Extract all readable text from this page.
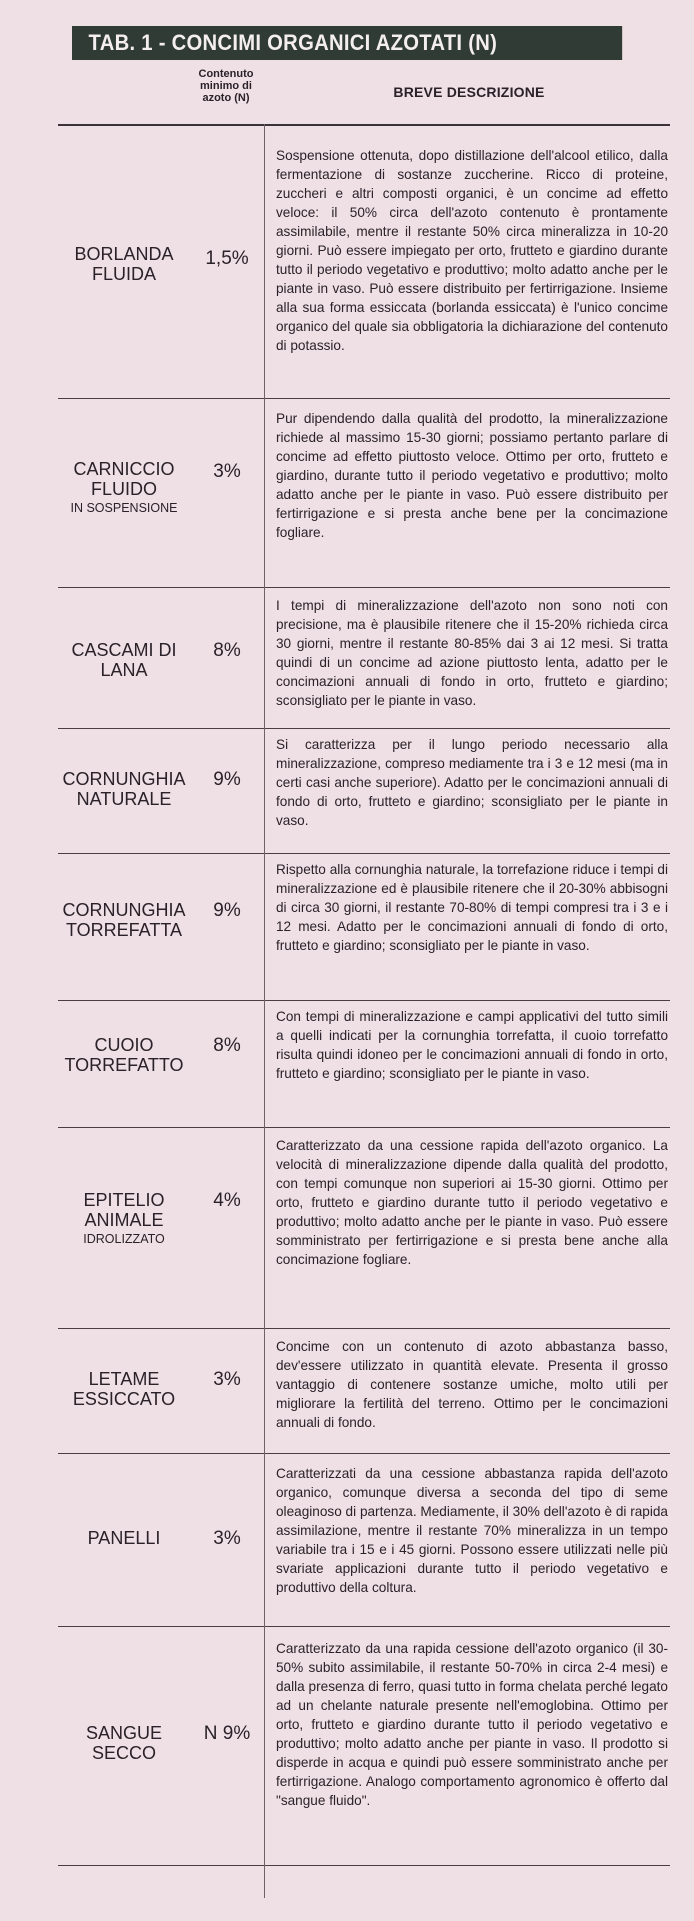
TAB. 1 - CONCIMI ORGANICI AZOTATI (N)
Contenuto minimo di azoto (N)	BREVE DESCRIZIONE
BORLANDA FLUIDA
1,5%
Sospensione ottenuta, dopo distillazione dell'alcool etilico, dalla fermentazione di sostanze zuccherine. Ricco di proteine, zuccheri e altri composti organici, è un concime ad effetto veloce: il 50% circa dell'azoto contenuto è prontamente assimilabile, mentre il restante 50% circa mineralizza in 10-20 giorni. Può essere impiegato per orto, frutteto e giardino durante tutto il periodo vegetativo e produttivo; molto adatto anche per le piante in vaso. Può essere distribuito per fertirrigazione. Insieme alla sua forma essiccata (borlanda essiccata) è l'unico concime organico del quale sia obbligatoria la dichiarazione del contenuto di potassio.
CARNICCIO FLUIDO
IN SOSPENSIONE
3%
Pur dipendendo dalla qualità del prodotto, la mineralizzazione richiede al massimo 15-30 giorni; possiamo pertanto parlare di concime ad effetto piuttosto veloce. Ottimo per orto, frutteto e giardino, durante tutto il periodo vegetativo e produttivo; molto adatto anche per le piante in vaso. Può essere distribuito per fertirrigazione e si presta anche bene per la concimazione fogliare.
CASCAMI DI LANA
8%
I tempi di mineralizzazione dell'azoto non sono noti con precisione, ma è plausibile ritenere che il 15-20% richieda circa 30 giorni, mentre il restante 80-85% dai 3 ai 12 mesi. Si tratta quindi di un concime ad azione piuttosto lenta, adatto per le concimazioni annuali di fondo in orto, frutteto e giardino; sconsigliato per le piante in vaso.
CORNUNGHIA NATURALE
9%
Si caratterizza per il lungo periodo necessario alla mineralizzazione, compreso mediamente tra i 3 e 12 mesi (ma in certi casi anche superiore). Adatto per le concimazioni annuali di fondo di orto, frutteto e giardino; sconsigliato per le piante in vaso.
CORNUNGHIA TORREFATTA
9%
Rispetto alla cornunghia naturale, la torrefazione riduce i tempi di mineralizzazione ed è plausibile ritenere che il 20-30% abbisogni di circa 30 giorni, il restante 70-80% di tempi compresi tra i 3 e i 12 mesi. Adatto per le concimazioni annuali di fondo di orto, frutteto e giardino; sconsigliato per le piante in vaso.
CUOIO TORREFATTO
8%
Con tempi di mineralizzazione e campi applicativi del tutto simili a quelli indicati per la cornunghia torrefatta, il cuoio torrefatto risulta quindi idoneo per le concimazioni annuali di fondo in orto, frutteto e giardino; sconsigliato per le piante in vaso.
EPITELIO ANIMALE
IDROLIZZATO
4%
Caratterizzato da una cessione rapida dell'azoto organico. La velocità di mineralizzazione dipende dalla qualità del prodotto, con tempi comunque non superiori ai 15-30 giorni. Ottimo per orto, frutteto e giardino durante tutto il periodo vegetativo e produttivo; molto adatto anche per le piante in vaso. Può essere somministrato per fertirrigazione e si presta bene anche alla concimazione fogliare.
LETAME ESSICCATO
3%
Concime con un contenuto di azoto abbastanza basso, dev'essere utilizzato in quantità elevate. Presenta il grosso vantaggio di contenere sostanze umiche, molto utili per migliorare la fertilità del terreno. Ottimo per le concimazioni annuali di fondo.
PANELLI	3%
Caratterizzati da una cessione abbastanza rapida dell'azoto organico, comunque diversa a seconda del tipo di seme oleaginoso di partenza. Mediamente, il 30% dell'azoto è di rapida assimilazione, mentre il restante 70% mineralizza in un tempo variabile tra i 15 e i 45 giorni. Possono essere utilizzati nelle più svariate applicazioni durante tutto il periodo vegetativo e produttivo della coltura.
SANGUE SECCO
N 9%
Caratterizzato da una rapida cessione dell'azoto organico (il 30-50% subito assimilabile, il restante 50-70% in circa 2-4 mesi) e dalla presenza di ferro, quasi tutto in forma chelata perché legato ad un chelante naturale presente nell'emoglobina. Ottimo per orto, frutteto e giardino durante tutto il periodo vegetativo e produttivo; molto adatto anche per piante in vaso. Il prodotto si disperde in acqua e quindi può essere somministrato anche per fertirrigazione. Analogo comportamento agronomico è offerto dal "sangue fluido".
